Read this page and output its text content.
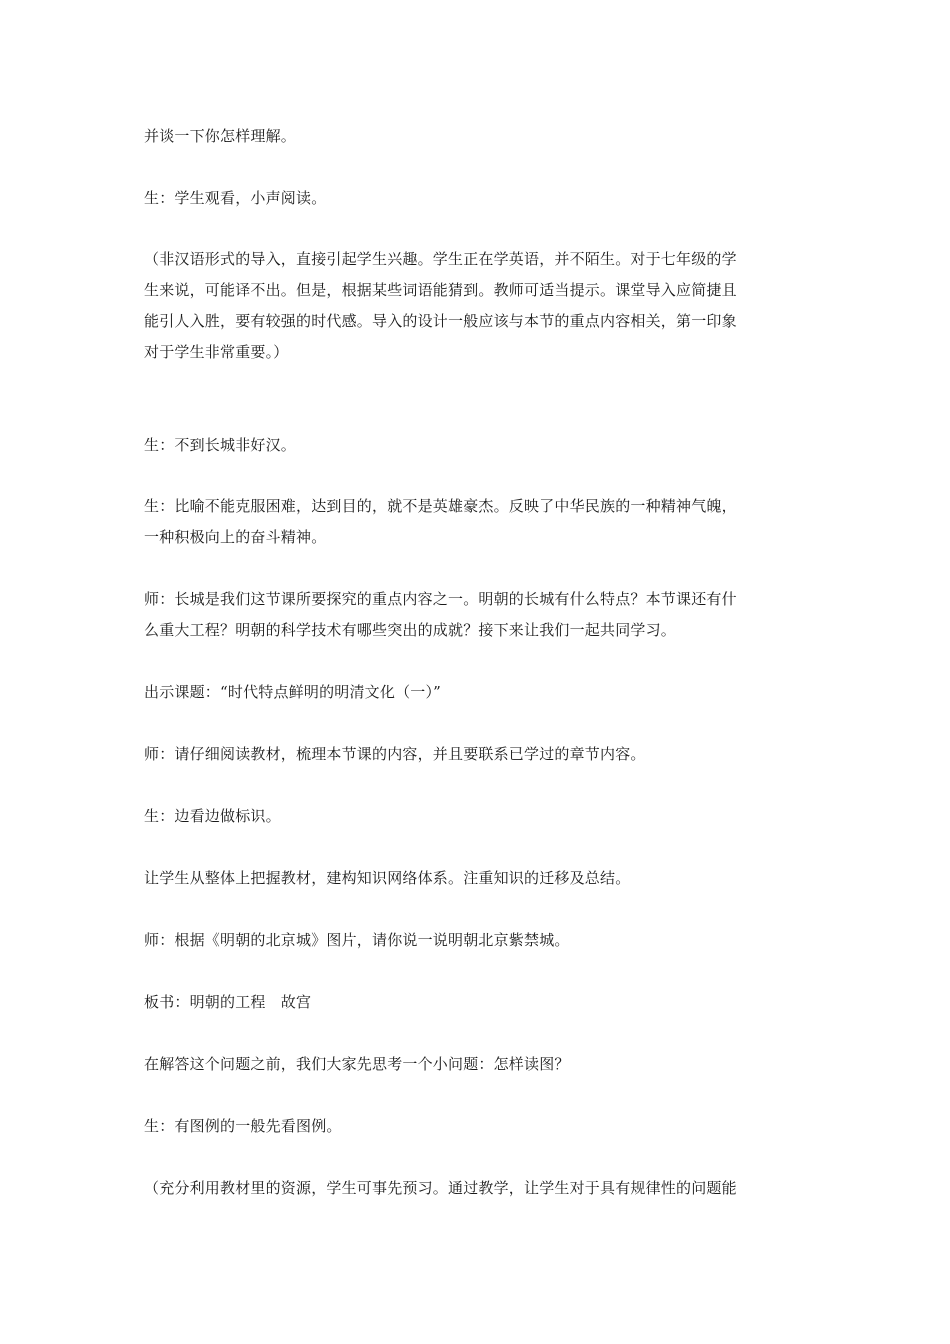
并谈一下你怎样理解。

生：学生观看，小声阅读。

（非汉语形式的导入，直接引起学生兴趣。学生正在学英语，并不陌生。对于七年级的学
生来说，可能译不出。但是，根据某些词语能猜到。教师可适当提示。课堂导入应简捷且
能引人入胜，要有较强的时代感。导入的设计一般应该与本节的重点内容相关，第一印象
对于学生非常重要。）

生：不到长城非好汉。

生：比喻不能克服困难，达到目的，就不是英雄豪杰。反映了中华民族的一种精神气魄，
一种积极向上的奋斗精神。

师：长城是我们这节课所要探究的重点内容之一。明朝的长城有什么特点？本节课还有什
么重大工程？明朝的科学技术有哪些突出的成就？接下来让我们一起共同学习。

出示课题：“时代特点鲜明的明清文化（一）”

师：请仔细阅读教材，梳理本节课的内容，并且要联系已学过的章节内容。

生：边看边做标识。

让学生从整体上把握教材，建构知识网络体系。注重知识的迁移及总结。

师：根据《明朝的北京城》图片，请你说一说明朝北京紫禁城。

板书：明朝的工程　故宫

在解答这个问题之前，我们大家先思考一个小问题：怎样读图？

生：有图例的一般先看图例。

（充分利用教材里的资源，学生可事先预习。通过教学，让学生对于具有规律性的问题能
